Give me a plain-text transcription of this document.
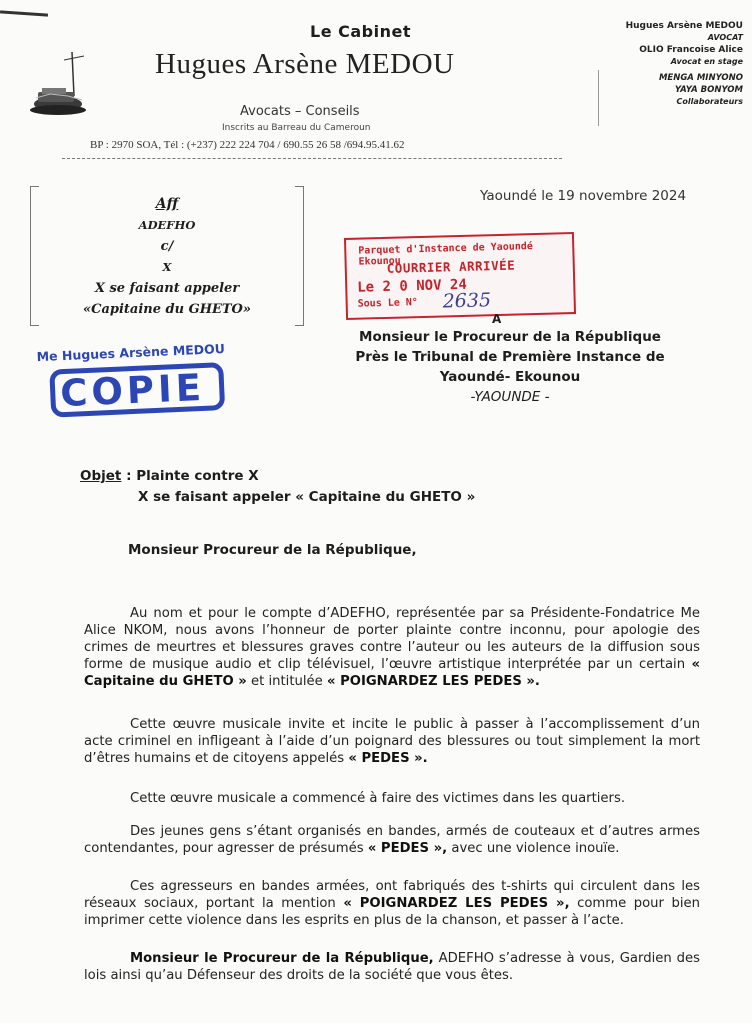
Le Cabinet
Hugues Arsène MEDOU
Avocats – Conseils
Inscrits au Barreau du Cameroun
BP : 2970 SOA, Tél : (+237) 222 224 704 / 690.55 26 58 /694.95.41.62
Hugues Arsène MEDOU
AVOCAT
OLIO Francoise Alice
Avocat en stage
MENGA MINYONO
YAYA BONYOM
Collaborateurs
Aff
ADEFHO
c/
X
X se faisant appeler
«Capitaine du GHETO»
Yaoundé le 19 novembre 2024
Parquet d'Instance de Yaoundé Ekounou
COURRIER ARRIVÉE
Le 2 0 NOV 24
Sous Le N° 2635
Me Hugues Arsène MEDOU
COPIE
A
Monsieur le Procureur de la République
Près le Tribunal de Première Instance de
Yaoundé- Ekounou
-YAOUNDE -
Objet : Plainte contre X
X se faisant appeler « Capitaine du GHETO »
Monsieur Procureur de la République,
Au nom et pour le compte d’ADEFHO, représentée par sa Présidente-Fondatrice Me Alice NKOM, nous avons l’honneur de porter plainte contre inconnu, pour apologie des crimes de meurtres et blessures graves contre l’auteur ou les auteurs de la diffusion sous forme de musique audio et clip télévisuel, l’œuvre artistique interprétée par un certain « Capitaine du GHETO » et intitulée « POIGNARDEZ LES PEDES ».
Cette œuvre musicale invite et incite le public à passer à l’accomplissement d’un acte criminel en infligeant à l’aide d’un poignard des blessures ou tout simplement la mort d’êtres humains et de citoyens appelés « PEDES ».
Cette œuvre musicale a commencé à faire des victimes dans les quartiers.
Des jeunes gens s’étant organisés en bandes, armés de couteaux et d’autres armes contendantes, pour agresser de présumés « PEDES », avec une violence inouïe.
Ces agresseurs en bandes armées, ont fabriqués des t-shirts qui circulent dans les réseaux sociaux, portant la mention « POIGNARDEZ LES PEDES », comme pour bien imprimer cette violence dans les esprits en plus de la chanson, et passer à l’acte.
Monsieur le Procureur de la République, ADEFHO s’adresse à vous, Gardien des lois ainsi qu’au Défenseur des droits de la société que vous êtes.
